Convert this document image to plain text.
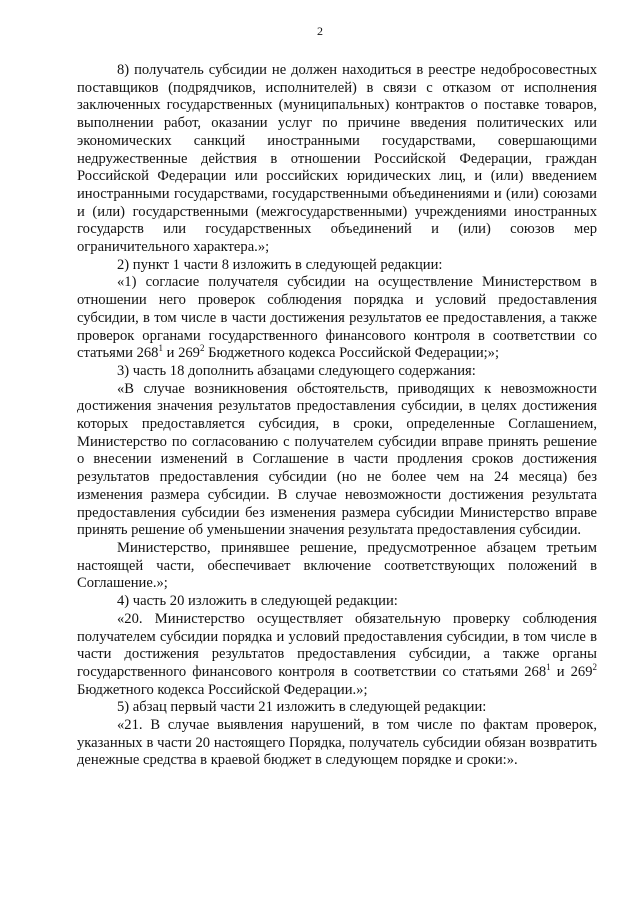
2

8) получатель субсидии не должен находиться в реестре недобросовестных поставщиков (подрядчиков, исполнителей) в связи с отказом от исполнения заключенных государственных (муниципальных) контрактов о поставке товаров, выполнении работ, оказании услуг по причине введения политических или экономических санкций иностранными государствами, совершающими недружественные действия в отношении Российской Федерации, граждан Российской Федерации или российских юридических лиц, и (или) введением иностранными государствами, государственными объединениями и (или) союзами и (или) государственными (межгосударственными) учреждениями иностранных государств или государственных объединений и (или) союзов мер ограничительного характера.»;

2) пункт 1 части 8 изложить в следующей редакции:

«1) согласие получателя субсидии на осуществление Министерством в отношении него проверок соблюдения порядка и условий предоставления субсидии, в том числе в части достижения результатов ее предоставления, а также проверок органами государственного финансового контроля в соответствии со статьями $268^1$ и $269^2$ Бюджетного кодекса Российской Федерации;»;

3) часть 18 дополнить абзацами следующего содержания:

«В случае возникновения обстоятельств, приводящих к невозможности достижения значения результатов предоставления субсидии, в целях достижения которых предоставляется субсидия, в сроки, определенные Соглашением, Министерство по согласованию с получателем субсидии вправе принять решение о внесении изменений в Соглашение в части продления сроков достижения результатов предоставления субсидии (но не более чем на 24 месяца) без изменения размера субсидии. В случае невозможности достижения результата предоставления субсидии без изменения размера субсидии Министерство вправе принять решение об уменьшении значения результата предоставления субсидии.

Министерство, принявшее решение, предусмотренное абзацем третьим настоящей части, обеспечивает включение соответствующих положений в Соглашение.»;

4) часть 20 изложить в следующей редакции:

«20. Министерство осуществляет обязательную проверку соблюдения получателем субсидии порядка и условий предоставления субсидии, в том числе в части достижения результатов предоставления субсидии, а также органы государственного финансового контроля в соответствии со статьями $268^1$ и $269^2$ Бюджетного кодекса Российской Федерации.»;

5) абзац первый части 21 изложить в следующей редакции:

«21. В случае выявления нарушений, в том числе по фактам проверок, указанных в части 20 настоящего Порядка, получатель субсидии обязан возвратить денежные средства в краевой бюджет в следующем порядке и сроки:».
